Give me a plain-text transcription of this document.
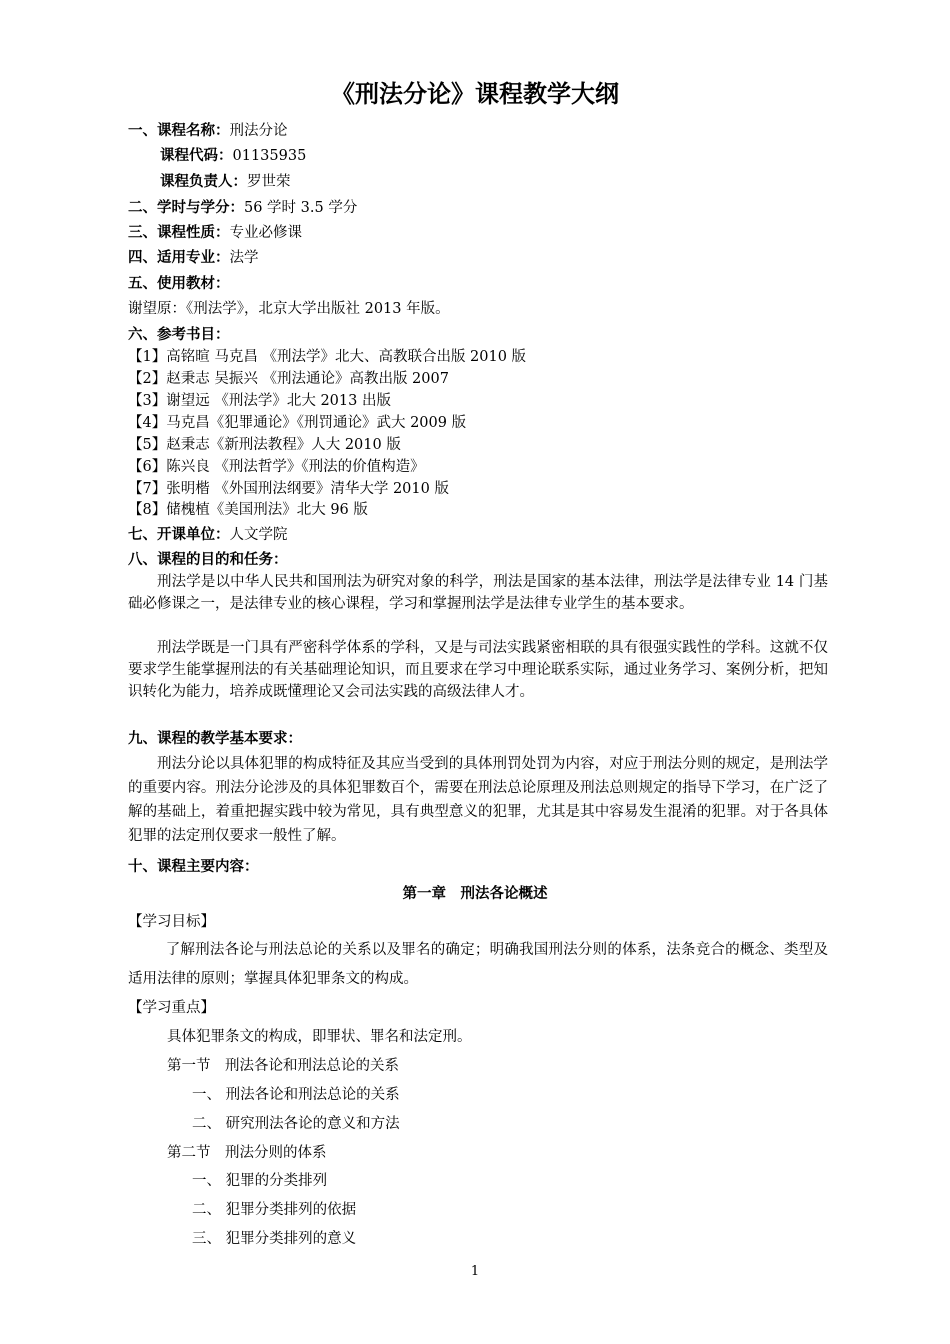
《刑法分论》课程教学大纲
一、课程名称：刑法分论
课程代码：01135935
课程负责人：罗世荣
二、学时与学分：56 学时 3.5 学分
三、课程性质：专业必修课
四、适用专业：法学
五、使用教材：
谢望原：《刑法学》，北京大学出版社 2013 年版。
六、参考书目：
【1】高铭暄 马克昌 《刑法学》北大、高教联合出版 2010 版
【2】赵秉志 吴振兴 《刑法通论》高教出版 2007
【3】谢望远 《刑法学》北大 2013 出版
【4】马克昌《犯罪通论》《刑罚通论》武大 2009 版
【5】赵秉志《新刑法教程》人大 2010 版
【6】陈兴良 《刑法哲学》《刑法的价值构造》
【7】张明楷 《外国刑法纲要》清华大学 2010 版
【8】储槐植《美国刑法》北大 96 版
七、开课单位：人文学院
八、课程的目的和任务：
刑法学是以中华人民共和国刑法为研究对象的科学，刑法是国家的基本法律，刑法学是法律专业 14 门基础必修课之一，是法律专业的核心课程，学习和掌握刑法学是法律专业学生的基本要求。
刑法学既是一门具有严密科学体系的学科，又是与司法实践紧密相联的具有很强实践性的学科。这就不仅要求学生能掌握刑法的有关基础理论知识，而且要求在学习中理论联系实际，通过业务学习、案例分析，把知识转化为能力，培养成既懂理论又会司法实践的高级法律人才。
九、课程的教学基本要求：
刑法分论以具体犯罪的构成特征及其应当受到的具体刑罚处罚为内容，对应于刑法分则的规定，是刑法学的重要内容。刑法分论涉及的具体犯罪数百个，需要在刑法总论原理及刑法总则规定的指导下学习，在广泛了解的基础上，着重把握实践中较为常见，具有典型意义的犯罪，尤其是其中容易发生混淆的犯罪。对于各具体犯罪的法定刑仅要求一般性了解。
十、课程主要内容：
第一章　刑法各论概述
【学习目标】
了解刑法各论与刑法总论的关系以及罪名的确定；明确我国刑法分则的体系，法条竞合的概念、类型及适用法律的原则；掌握具体犯罪条文的构成。
【学习重点】
具体犯罪条文的构成，即罪状、罪名和法定刑。
第一节　刑法各论和刑法总论的关系
一、 刑法各论和刑法总论的关系
二、 研究刑法各论的意义和方法
第二节　刑法分则的体系
一、 犯罪的分类排列
二、 犯罪分类排列的依据
三、 犯罪分类排列的意义
1
